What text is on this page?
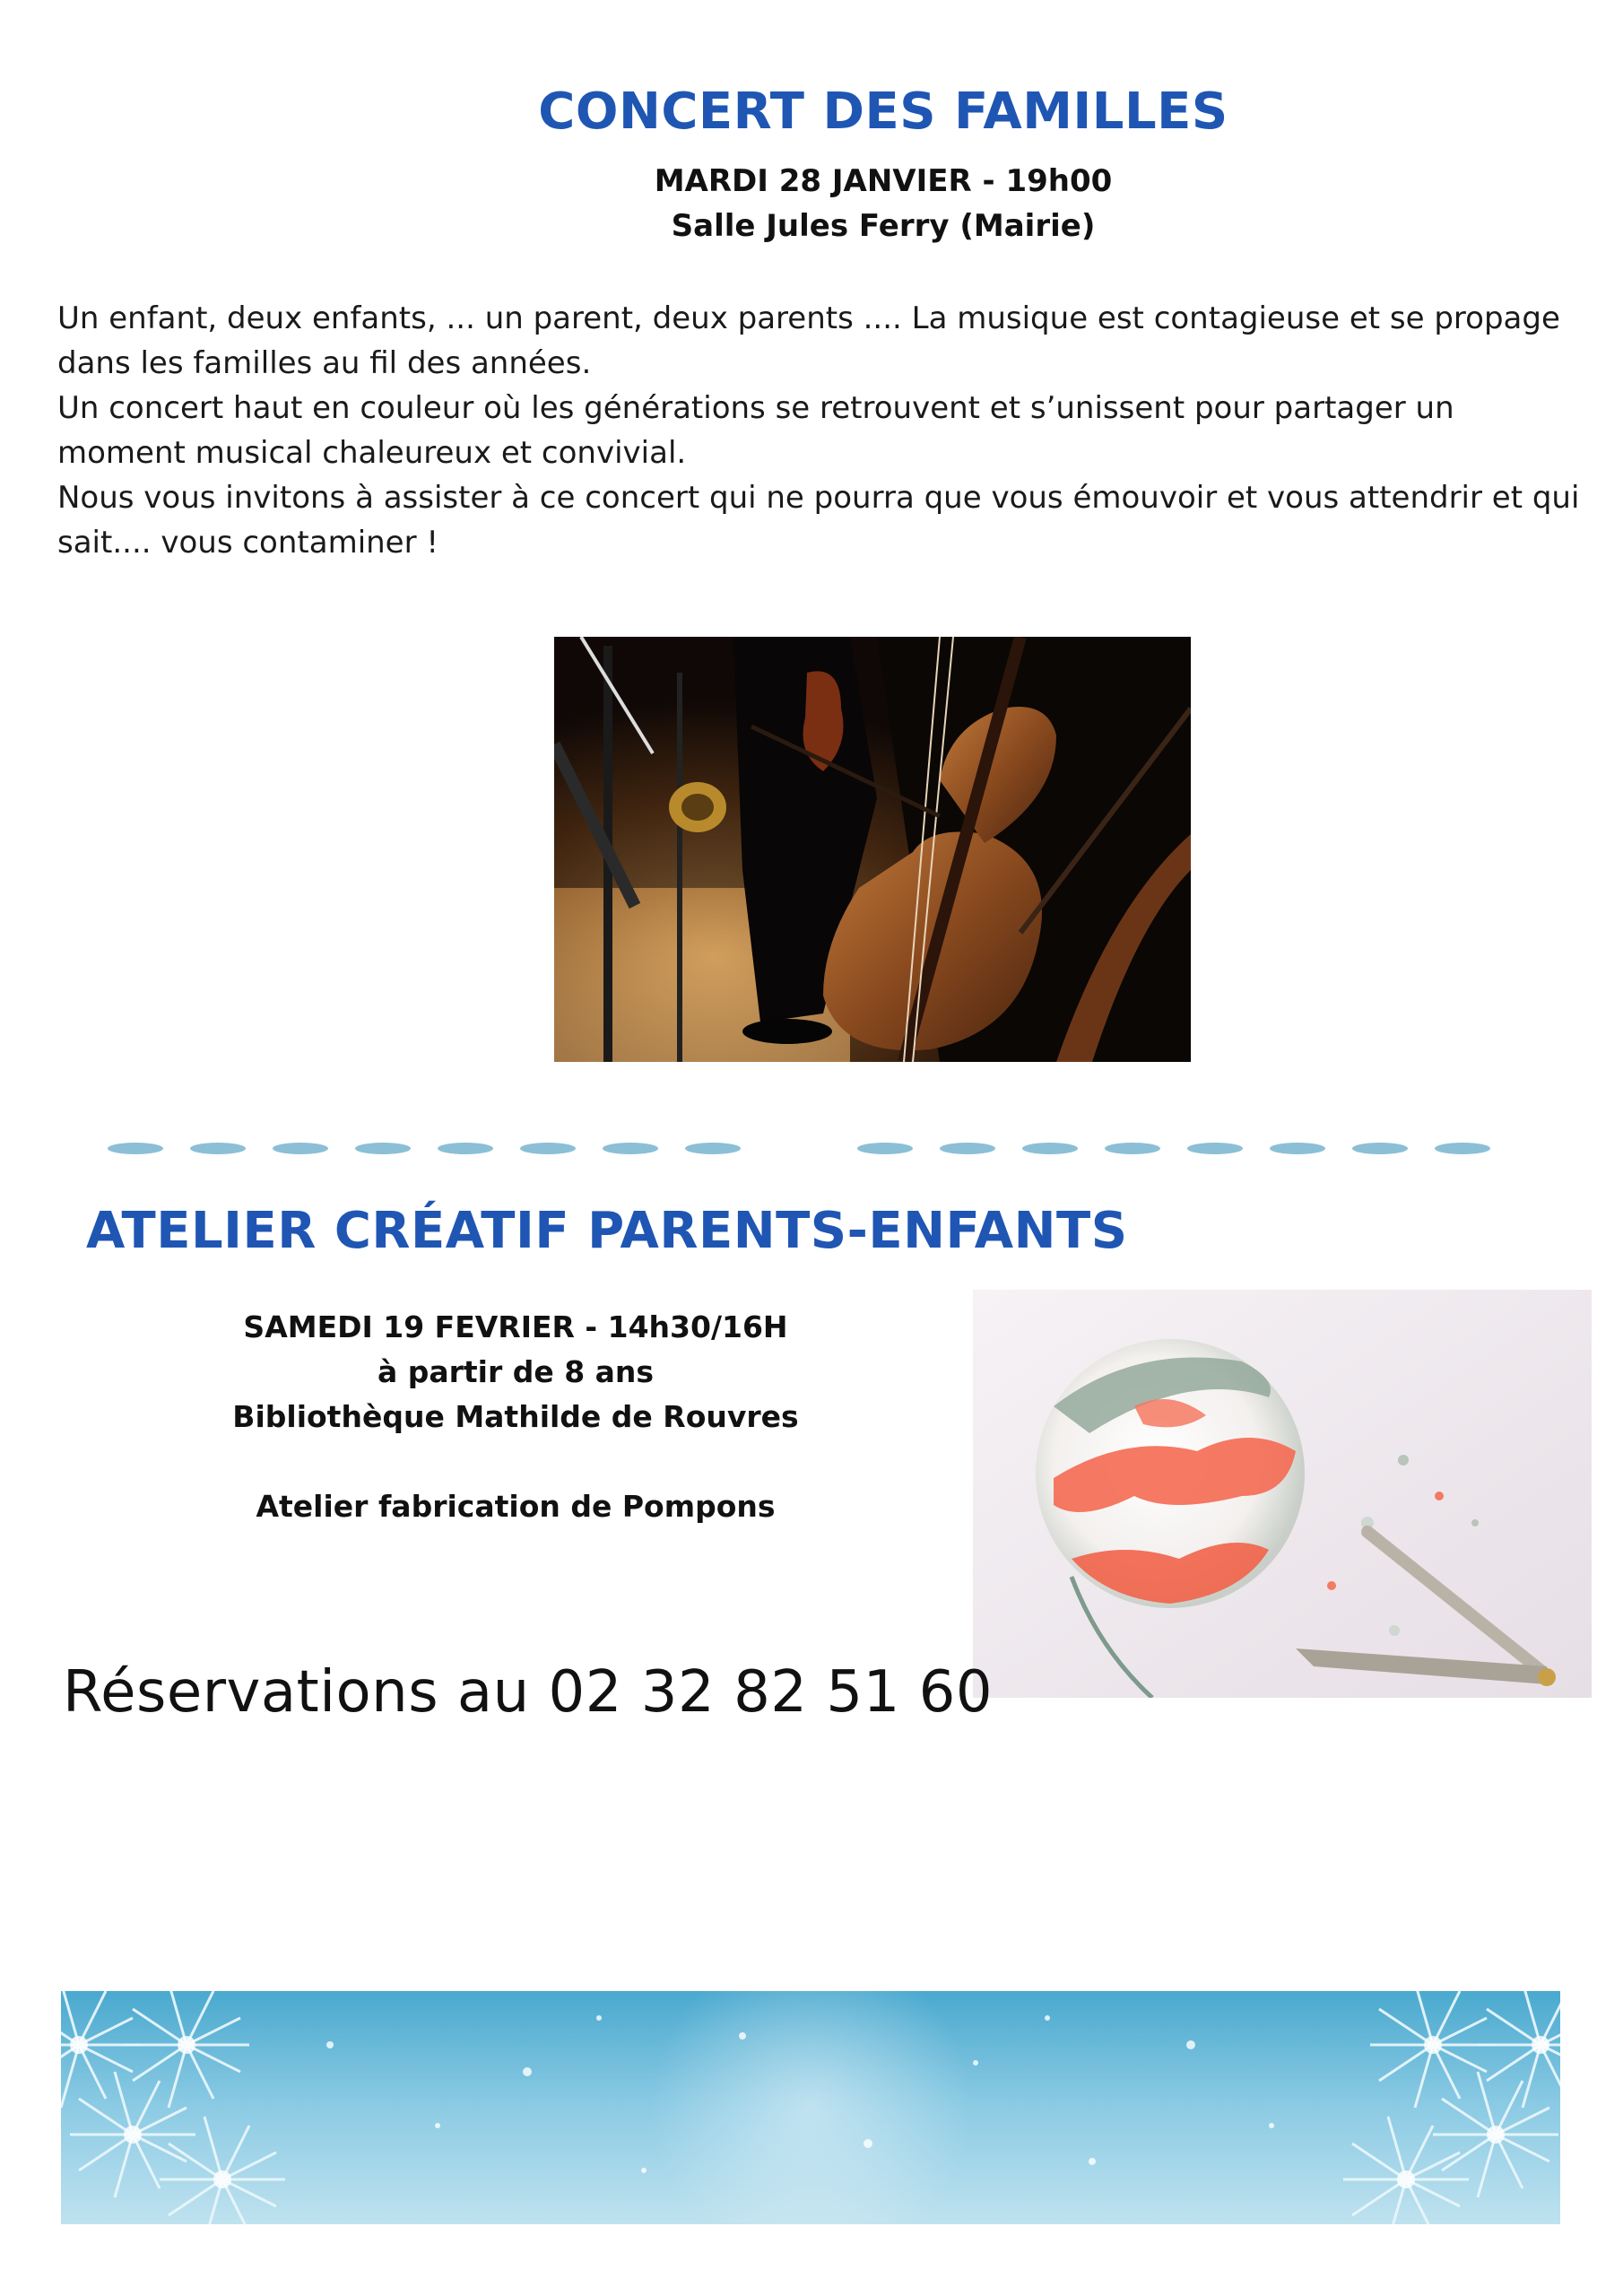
CONCERT DES FAMILLES
MARDI 28 JANVIER - 19h00
Salle Jules Ferry (Mairie)

Un enfant, deux enfants, ... un parent, deux parents .... La musique est contagieuse et se propage dans les familles au fil des années.

Un concert haut en couleur où les générations se retrouvent et s’unissent pour partager un moment musical chaleureux et convivial.

Nous vous invitons à assister à ce concert qui ne pourra que vous émouvoir et vous attendrir et qui sait.... vous contaminer !

ATELIER CRÉATIF PARENTS-ENFANTS
SAMEDI 19 FEVRIER - 14h30/16H
à partir de 8 ans
Bibliothèque Mathilde de Rouvres
Atelier fabrication de Pompons
Réservations au 02 32 82 51 60
